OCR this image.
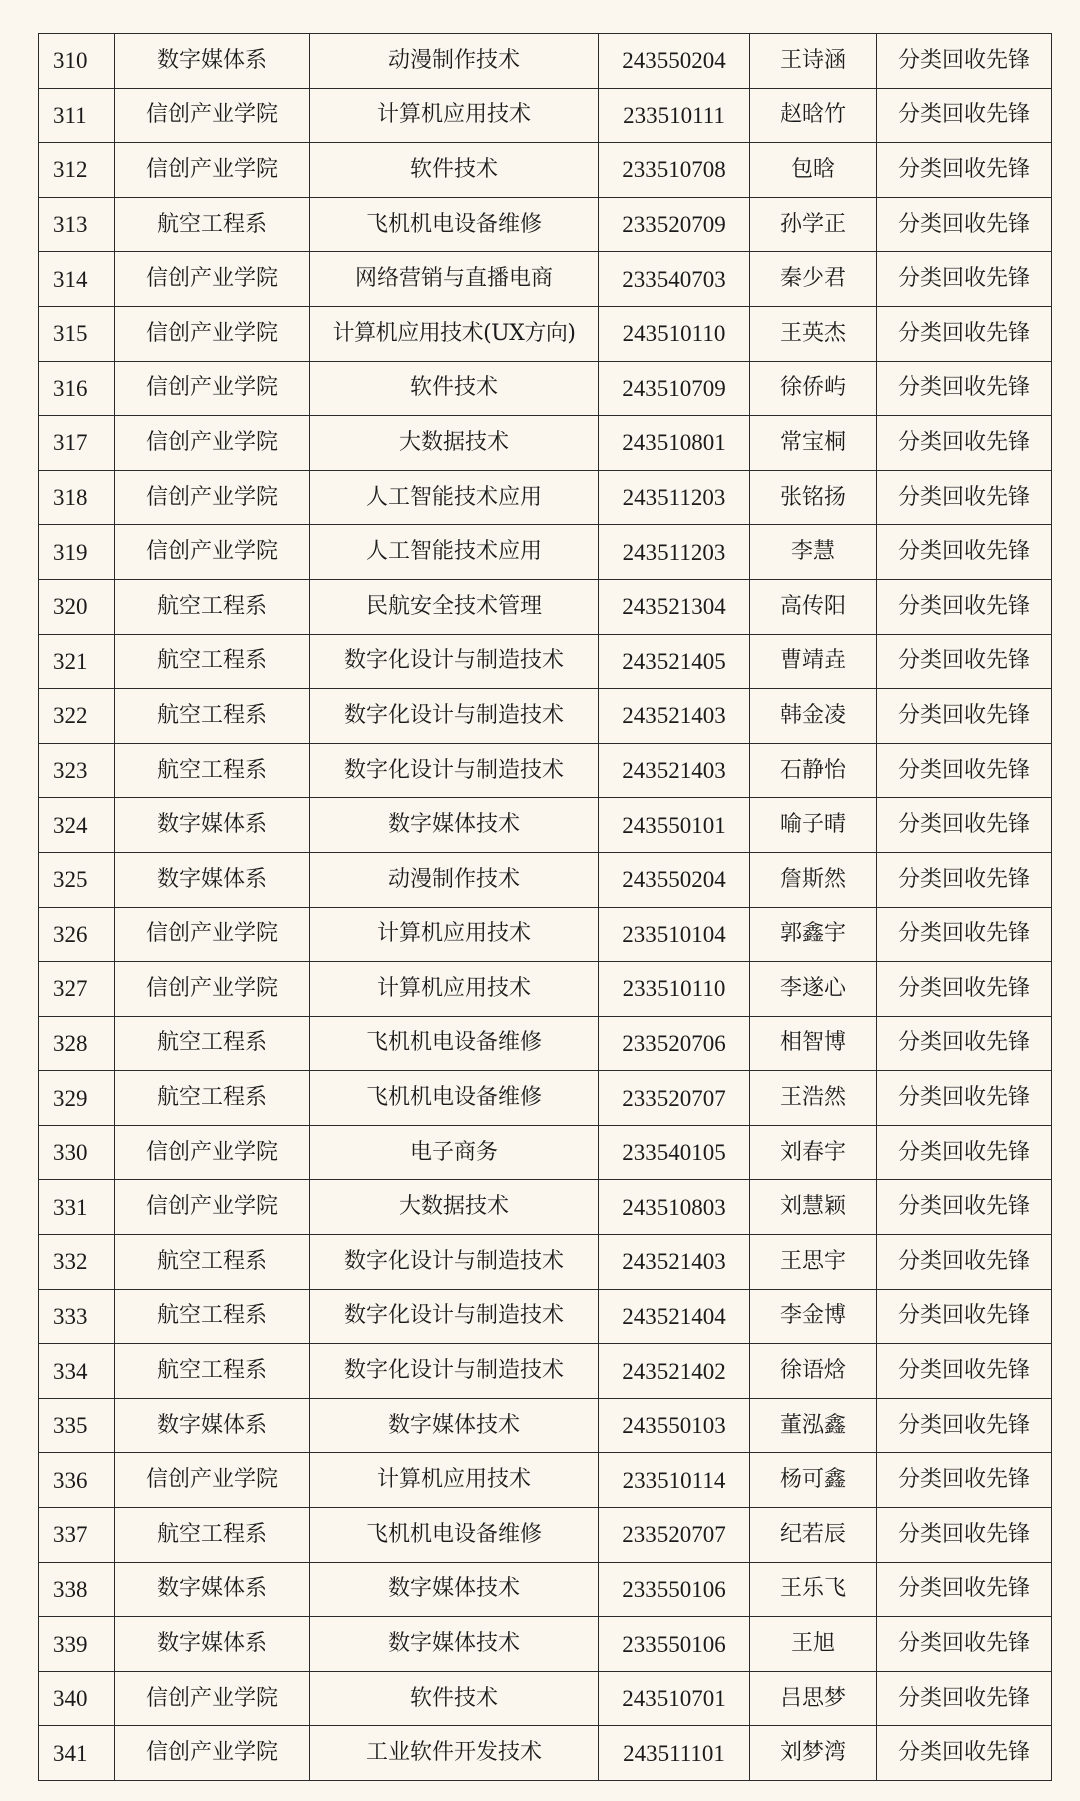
310	数字媒体系	动漫制作技术	243550204	王诗涵	分类回收先锋
311	信创产业学院	计算机应用技术	233510111	赵晗竹	分类回收先锋
312	信创产业学院	软件技术	233510708	包晗	分类回收先锋
313	航空工程系	飞机机电设备维修	233520709	孙学正	分类回收先锋
314	信创产业学院	网络营销与直播电商	233540703	秦少君	分类回收先锋
315	信创产业学院	计算机应用技术(UX方向)	243510110	王英杰	分类回收先锋
316	信创产业学院	软件技术	243510709	徐侨屿	分类回收先锋
317	信创产业学院	大数据技术	243510801	常宝桐	分类回收先锋
318	信创产业学院	人工智能技术应用	243511203	张铭扬	分类回收先锋
319	信创产业学院	人工智能技术应用	243511203	李慧	分类回收先锋
320	航空工程系	民航安全技术管理	243521304	高传阳	分类回收先锋
321	航空工程系	数字化设计与制造技术	243521405	曹靖垚	分类回收先锋
322	航空工程系	数字化设计与制造技术	243521403	韩金凌	分类回收先锋
323	航空工程系	数字化设计与制造技术	243521403	石静怡	分类回收先锋
324	数字媒体系	数字媒体技术	243550101	喻子晴	分类回收先锋
325	数字媒体系	动漫制作技术	243550204	詹斯然	分类回收先锋
326	信创产业学院	计算机应用技术	233510104	郭鑫宇	分类回收先锋
327	信创产业学院	计算机应用技术	233510110	李遂心	分类回收先锋
328	航空工程系	飞机机电设备维修	233520706	相智博	分类回收先锋
329	航空工程系	飞机机电设备维修	233520707	王浩然	分类回收先锋
330	信创产业学院	电子商务	233540105	刘春宇	分类回收先锋
331	信创产业学院	大数据技术	243510803	刘慧颖	分类回收先锋
332	航空工程系	数字化设计与制造技术	243521403	王思宇	分类回收先锋
333	航空工程系	数字化设计与制造技术	243521404	李金博	分类回收先锋
334	航空工程系	数字化设计与制造技术	243521402	徐语焓	分类回收先锋
335	数字媒体系	数字媒体技术	243550103	董泓鑫	分类回收先锋
336	信创产业学院	计算机应用技术	233510114	杨可鑫	分类回收先锋
337	航空工程系	飞机机电设备维修	233520707	纪若辰	分类回收先锋
338	数字媒体系	数字媒体技术	233550106	王乐飞	分类回收先锋
339	数字媒体系	数字媒体技术	233550106	王旭	分类回收先锋
340	信创产业学院	软件技术	243510701	吕思梦	分类回收先锋
341	信创产业学院	工业软件开发技术	243511101	刘梦湾	分类回收先锋
